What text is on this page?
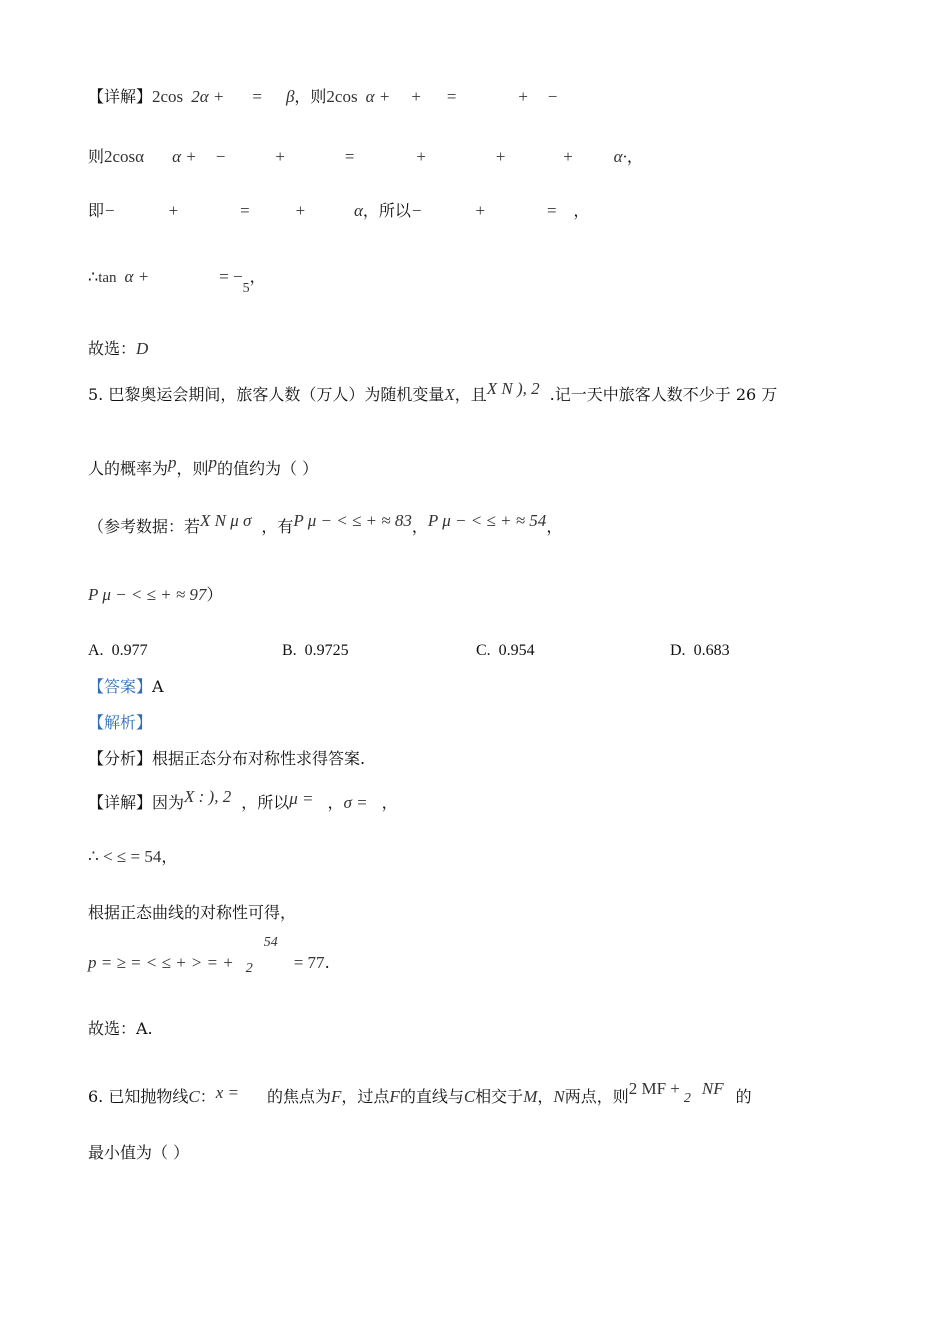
【详解】2cos 2α + = β，则2cos α + + =	+ −
则2cosα α + −	+	=	+	+	+ α·，
即−	+	=	+	α，所以−	+	= ，
∴tan α +	= −5，
故选：D
5. 巴黎奥运会期间，旅客人数（万人）为随机变量X，且X N ), 2 .记一天中旅客人数不少于 26 万
人的概率为p，则p的值约为（ ）
（参考数据：若X N μ σ ，有P μ − < ≤ + ≈ 83，P μ − < ≤ + ≈ 54，
P μ − < ≤ + ≈ 97）
A. 0.977	B. 0.9725	C. 0.954	D. 0.683
【答案】A
【解析】
【分析】根据正态分布对称性求得答案.
【详解】因为X : ), 2 ，所以μ = ，σ = ，
∴ < ≤ = 54，
根据正态曲线的对称性可得，
p = ≥ = < ≤ + > = +
54
2 = 77.
故选：A.
6. 已知抛物线C：x = 的焦点为F，过点F的直线与C相交于M，N两点，则2 MF +
2
NF 的
最小值为（ ）
